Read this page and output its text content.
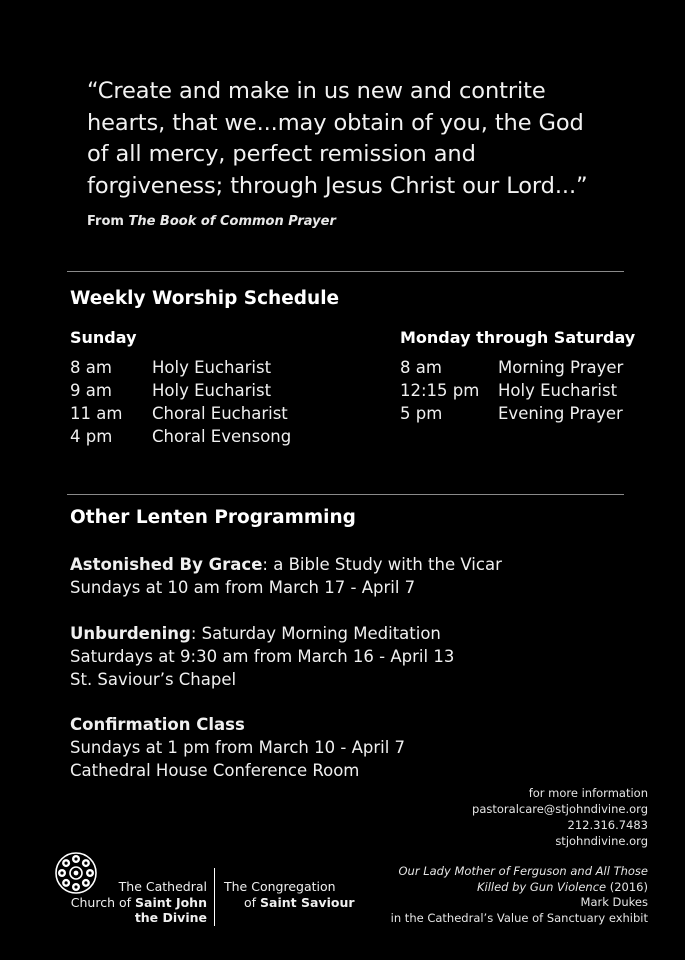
“Create and make in us new and contrite
hearts, that we...may obtain of you, the God
of all mercy, perfect remission and
forgiveness; through Jesus Christ our Lord...”
From The Book of Common Prayer
Weekly Worship Schedule
Sunday
8 am	Holy Eucharist
9 am	Holy Eucharist
11 am	Choral Eucharist
4 pm	Choral Evensong
Monday through Saturday
8 am	Morning Prayer
12:15 pm	Holy Eucharist
5 pm	Evening Prayer
Other Lenten Programming
Astonished By Grace: a Bible Study with the Vicar
Sundays at 10 am from March 17 - April 7
Unburdening: Saturday Morning Meditation
Saturdays at 9:30 am from March 16 - April 13
St. Saviour’s Chapel
Confirmation Class
Sundays at 1 pm from March 10 - April 7
Cathedral House Conference Room
for more information
pastoralcare@stjohndivine.org
212.316.7483
stjohndivine.org
Our Lady Mother of Ferguson and All Those
Killed by Gun Violence (2016)
Mark Dukes
in the Cathedral’s Value of Sanctuary exhibit
The Cathedral
Church of Saint John
the Divine
The Congregation
of Saint Saviour
